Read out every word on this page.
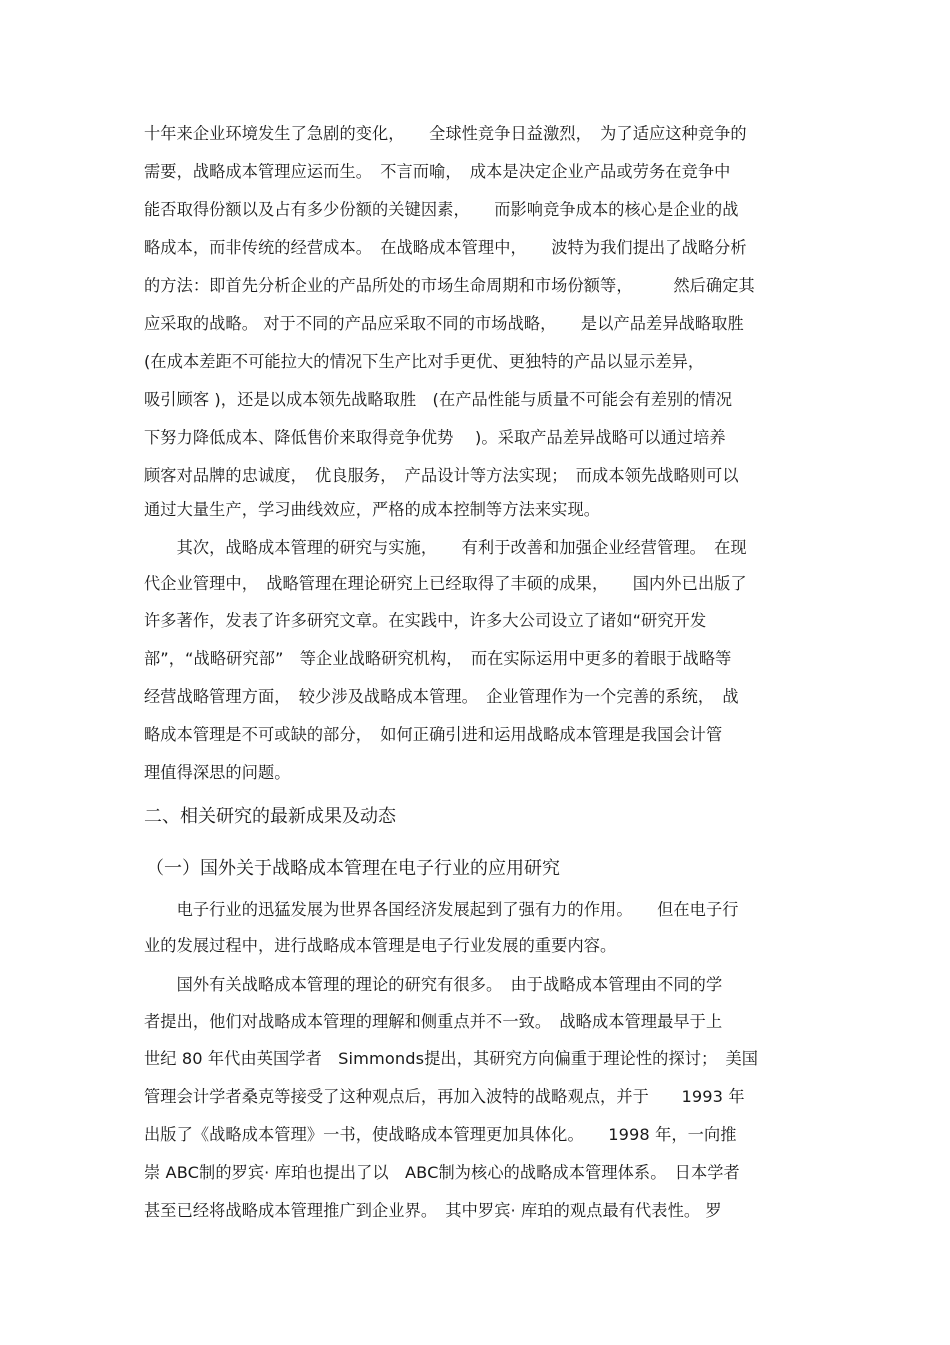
十年来企业环境发生了急剧的变化，　　全球性竞争日益激烈，　为了适应这种竞争的
需要，战略成本管理应运而生。　不言而喻，　成本是决定企业产品或劳务在竞争中
能否取得份额以及占有多少份额的关键因素，　　而影响竞争成本的核心是企业的战
略成本，而非传统的经营成本。　在战略成本管理中，　　波特为我们提出了战略分析
的方法：即首先分析企业的产品所处的市场生命周期和市场份额等，　　　然后确定其
应采取的战略。 对于不同的产品应采取不同的市场战略，　　是以产品差异战略取胜
(在成本差距不可能拉大的情况下生产比对手更优、更独特的产品以显示差异，
吸引顾客 )，还是以成本领先战略取胜　(在产品性能与质量不可能会有差别的情况
下努力降低成本、降低售价来取得竞争优势　 )。采取产品差异战略可以通过培养
顾客对品牌的忠诚度，　优良服务，　产品设计等方法实现；　而成本领先战略则可以
通过大量生产，学习曲线效应，严格的成本控制等方法来实现。
　　其次，战略成本管理的研究与实施，　　有利于改善和加强企业经营管理。　在现
代企业管理中，　战略管理在理论研究上已经取得了丰硕的成果，　　国内外已出版了
许多著作，发表了许多研究文章。在实践中，许多大公司设立了诸如“研究开发
部”，“战略研究部”　等企业战略研究机构，　而在实际运用中更多的着眼于战略等
经营战略管理方面，　较少涉及战略成本管理。　企业管理作为一个完善的系统，　战
略成本管理是不可或缺的部分，　如何正确引进和运用战略成本管理是我国会计管
理值得深思的问题。
二、相关研究的最新成果及动态
（一）国外关于战略成本管理在电子行业的应用研究
　　电子行业的迅猛发展为世界各国经济发展起到了强有力的作用。　　但在电子行
业的发展过程中，进行战略成本管理是电子行业发展的重要内容。
　　国外有关战略成本管理的理论的研究有很多。　由于战略成本管理由不同的学
者提出，他们对战略成本管理的理解和侧重点并不一致。　战略成本管理最早于上
世纪 80 年代由英国学者　Simmonds提出，其研究方向偏重于理论性的探讨；　美国
管理会计学者桑克等接受了这种观点后，再加入波特的战略观点，并于　　1993 年
出版了《战略成本管理》一书，使战略成本管理更加具体化。　　1998 年，一向推
崇 ABC制的罗宾· 库珀也提出了以　ABC制为核心的战略成本管理体系。　日本学者
甚至已经将战略成本管理推广到企业界。　其中罗宾· 库珀的观点最有代表性。 罗
